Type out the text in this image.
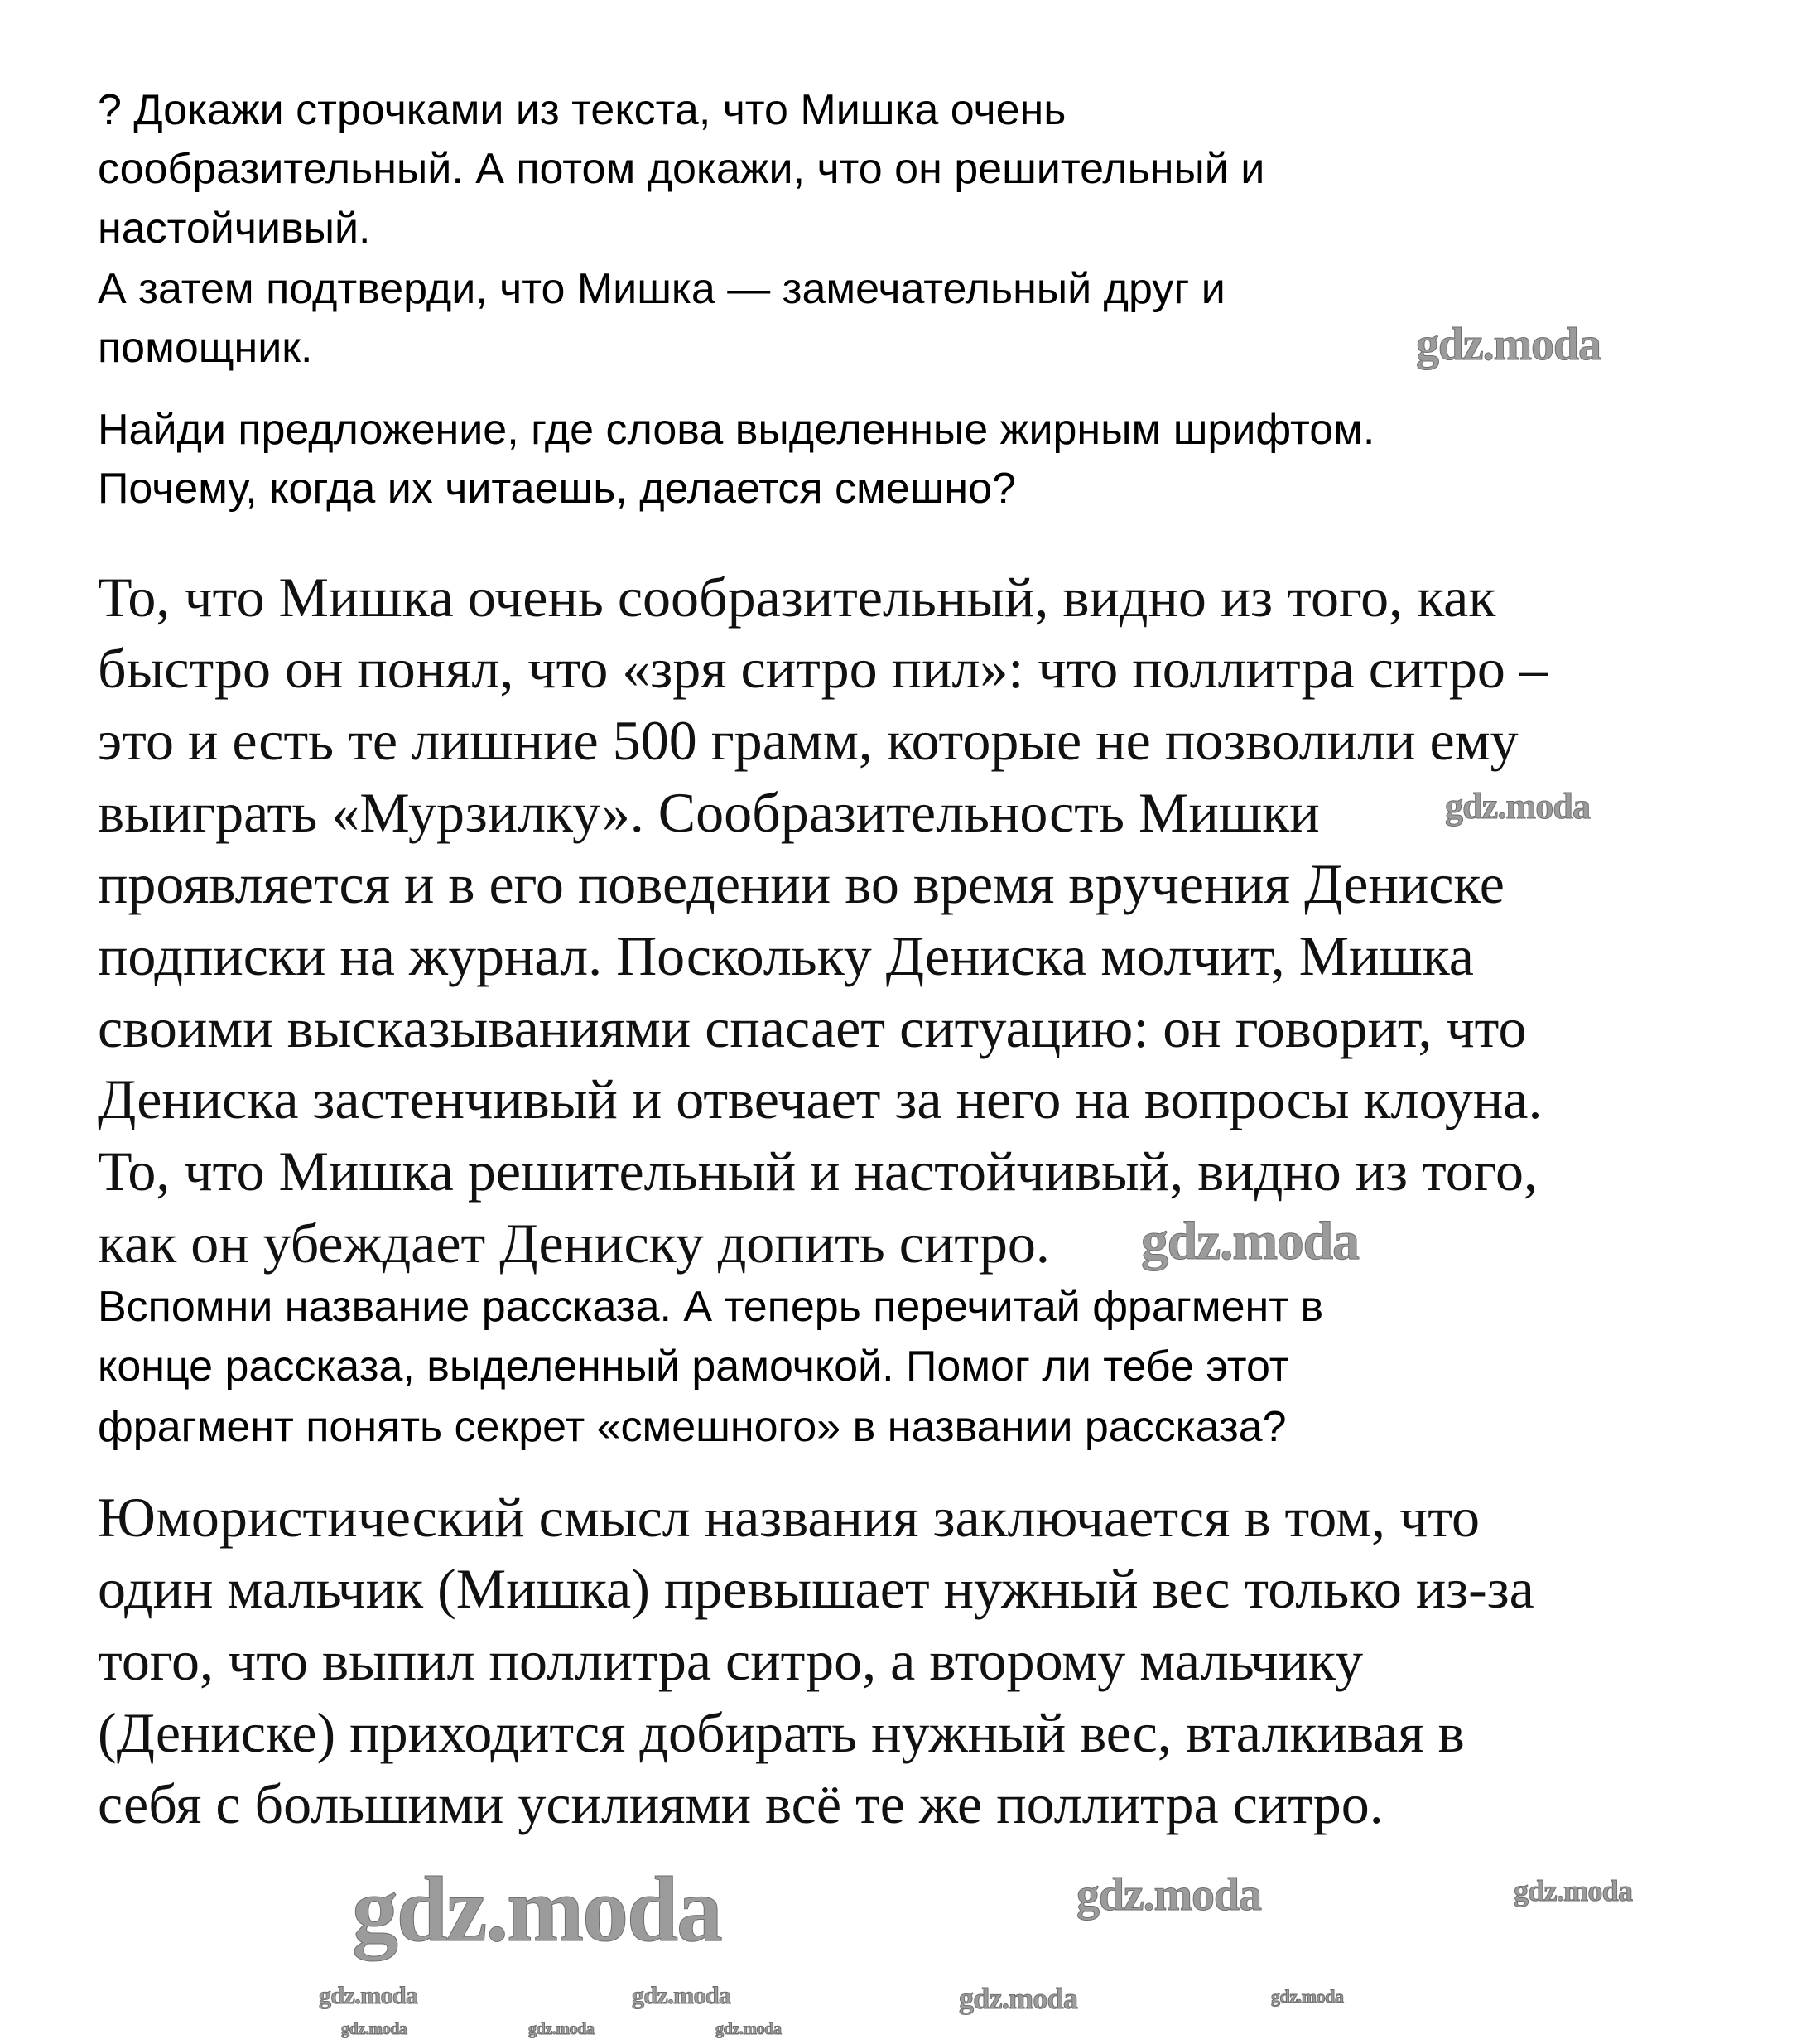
? Докажи строчками из текста, что Мишка очень
сообразительный. А потом докажи, что он решительный и
настойчивый.
А затем подтверди, что Мишка — замечательный друг и
помощник.
Найди предложение, где слова выделенные жирным шрифтом.
Почему, когда их читаешь, делается смешно?
То, что Мишка очень сообразительный, видно из того, как
быстро он понял, что «зря ситро пил»: что поллитра ситро –
это и есть те лишние 500 грамм, которые не позволили ему
выиграть «Мурзилку». Сообразительность Мишки
проявляется и в его поведении во время вручения Дениске
подписки на журнал. Поскольку Дениска молчит, Мишка
своими высказываниями спасает ситуацию: он говорит, что
Дениска застенчивый и отвечает за него на вопросы клоуна.
То, что Мишка решительный и настойчивый, видно из того,
как он убеждает Дениску допить ситро.
Вспомни название рассказа. А теперь перечитай фрагмент в
конце рассказа, выделенный рамочкой. Помог ли тебе этот
фрагмент понять секрет «смешного» в названии рассказа?
Юмористический смысл названия заключается в том, что
один мальчик (Мишка) превышает нужный вес только из-за
того, что выпил поллитра ситро, а второму мальчику
(Дениске) приходится добирать нужный вес, вталкивая в
себя с большими усилиями всё те же поллитра ситро.
gdz.moda
gdz.moda
gdz.moda
gdz.moda	gdz.moda
gdz.moda
gdz.moda	gdz.moda
gdz.moda	gdz.moda
gdz.moda	gdz.moda	gdz.moda
